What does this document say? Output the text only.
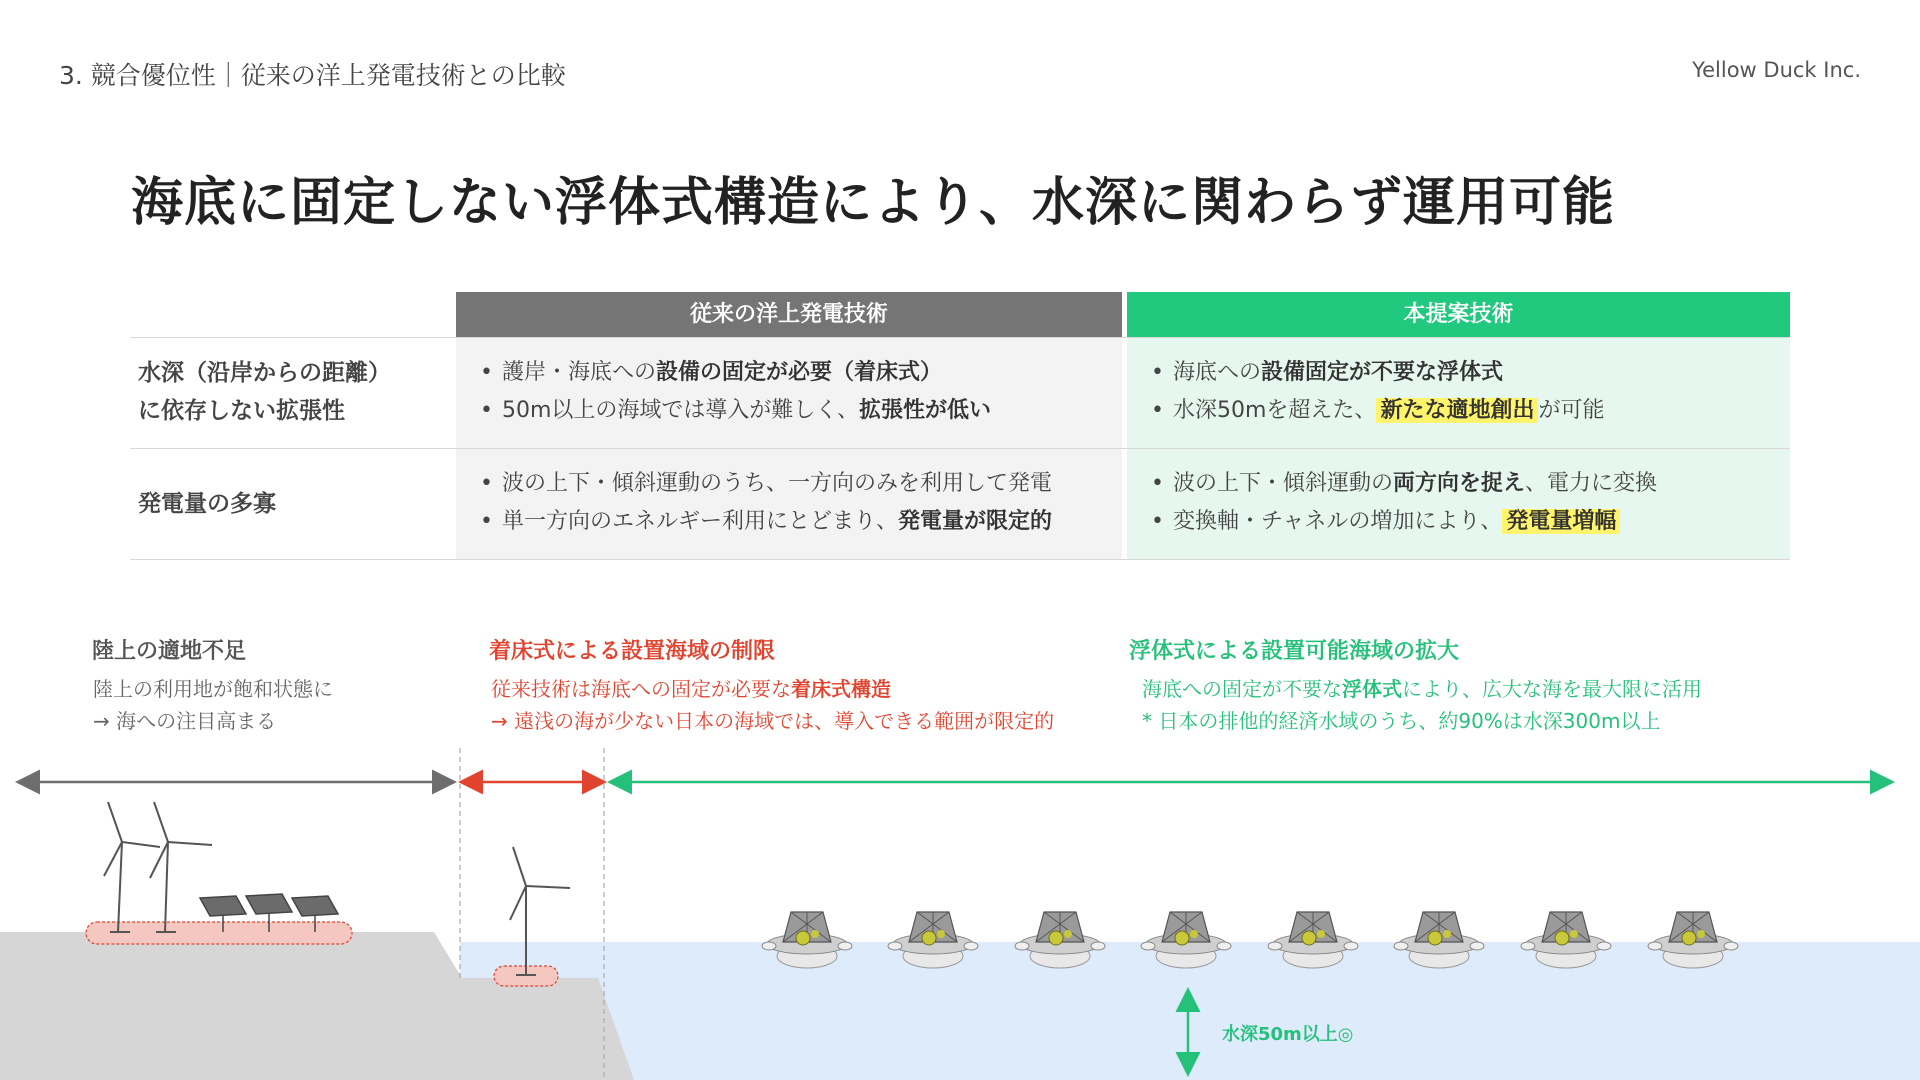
3. 競合優位性｜従来の洋上発電技術との比較	Yellow Duck Inc.
海底に固定しない浮体式構造により、水深に関わらず運用可能
従来の洋上発電技術	本提案技術
水深（沿岸からの距離）
に依存しない拡張性
• 護岸・海底への設備の固定が必要（着床式）
• 50m以上の海域では導入が難しく、拡張性が低い
• 海底への設備固定が不要な浮体式
• 水深50mを超えた、 新たな適地創出 が可能
発電量の多寡
• 波の上下・傾斜運動のうち、一方向のみを利用して発電
• 単一方向のエネルギー利用にとどまり、発電量が限定的
• 波の上下・傾斜運動の両方向を捉え、電力に変換
• 変換軸・チャネルの増加により、 発電量増幅
陸上の適地不足
陸上の利用地が飽和状態に
→ 海への注目高まる
着床式による設置海域の制限
従来技術は海底への固定が必要な着床式構造
→ 遠浅の海が少ない日本の海域では、導入できる範囲が限定的
浮体式による設置可能海域の拡大
海底への固定が不要な浮体式により、広大な海を最大限に活用
* 日本の排他的経済水域のうち、約90%は水深300m以上
水深50m以上◎
